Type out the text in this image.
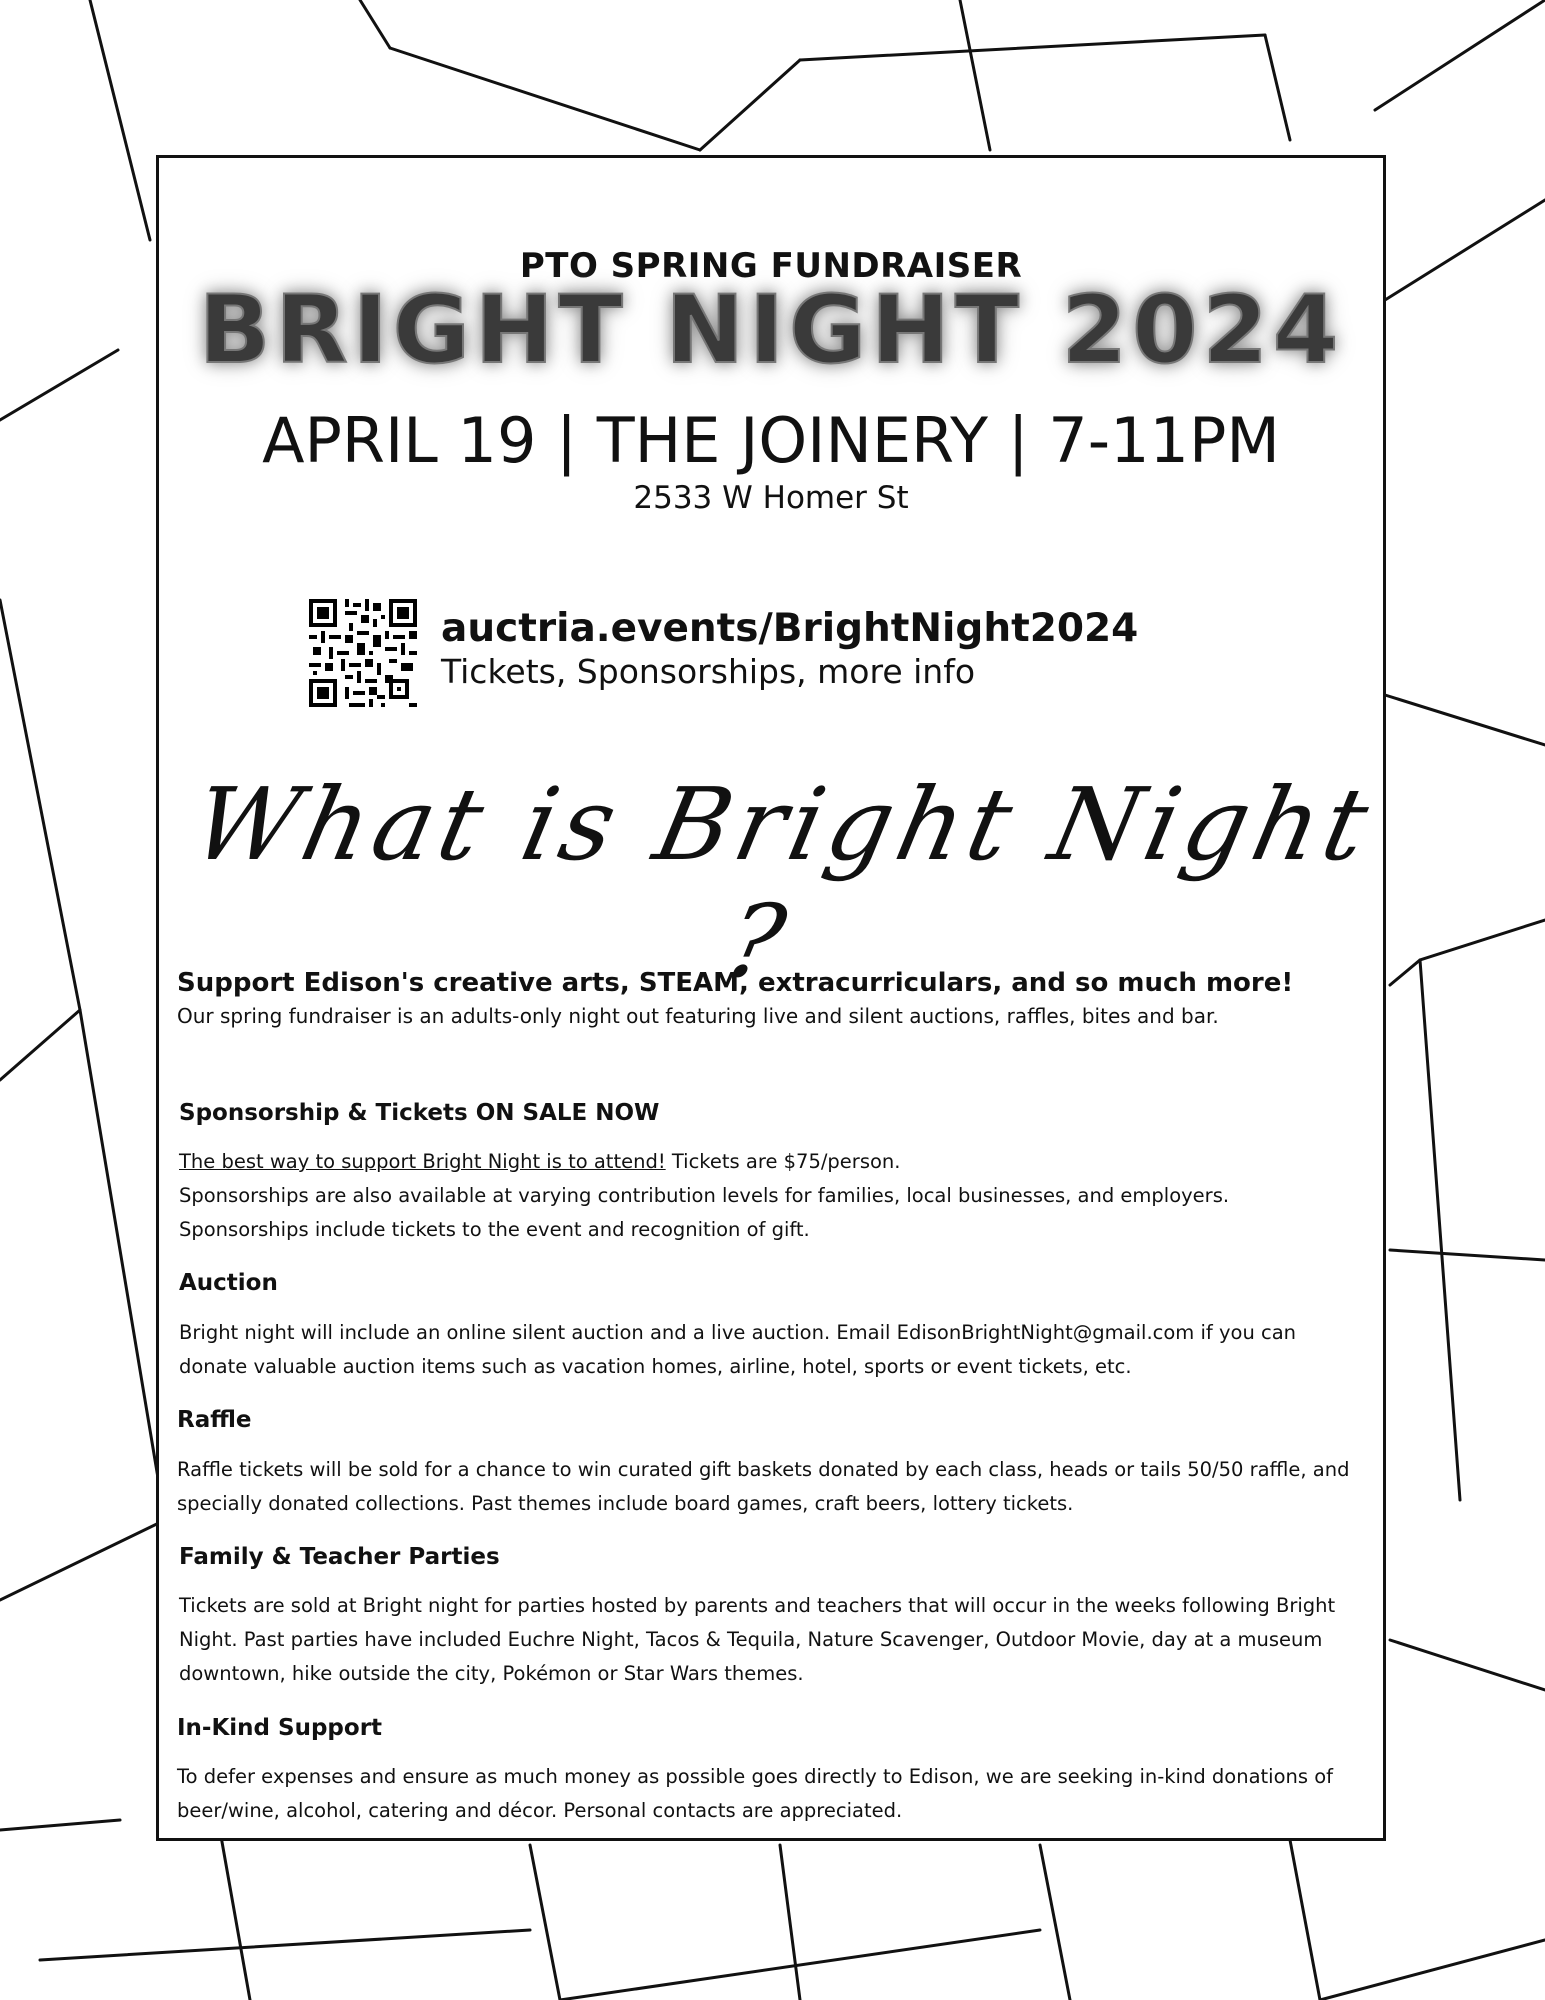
PTO SPRING FUNDRAISER
BRIGHT NIGHT 2024
APRIL 19 | THE JOINERY | 7-11PM
2533 W Homer St
auctria.events/BrightNight2024
Tickets, Sponsorships, more info
What is Bright Night ?
Support Edison's creative arts, STEAM, extracurriculars, and so much more!
Our spring fundraiser is an adults-only night out featuring live and silent auctions, raffles, bites and bar.
Sponsorship & Tickets ON SALE NOW
The best way to support Bright Night is to attend! Tickets are $75/person.
Sponsorships are also available at varying contribution levels for families, local businesses, and employers.
Sponsorships include tickets to the event and recognition of gift.
Auction
Bright night will include an online silent auction and a live auction. Email EdisonBrightNight@gmail.com if you can donate valuable auction items such as vacation homes, airline, hotel, sports or event tickets, etc.
Raffle
Raffle tickets will be sold for a chance to win curated gift baskets donated by each class, heads or tails 50/50 raffle, and specially donated collections. Past themes include board games, craft beers, lottery tickets.
Family & Teacher Parties
Tickets are sold at Bright night for parties hosted by parents and teachers that will occur in the weeks following Bright Night. Past parties have included Euchre Night, Tacos & Tequila, Nature Scavenger, Outdoor Movie, day at a museum downtown, hike outside the city, Pokémon or Star Wars themes.
In-Kind Support
To defer expenses and ensure as much money as possible goes directly to Edison, we are seeking in-kind donations of beer/wine, alcohol, catering and décor. Personal contacts are appreciated.
